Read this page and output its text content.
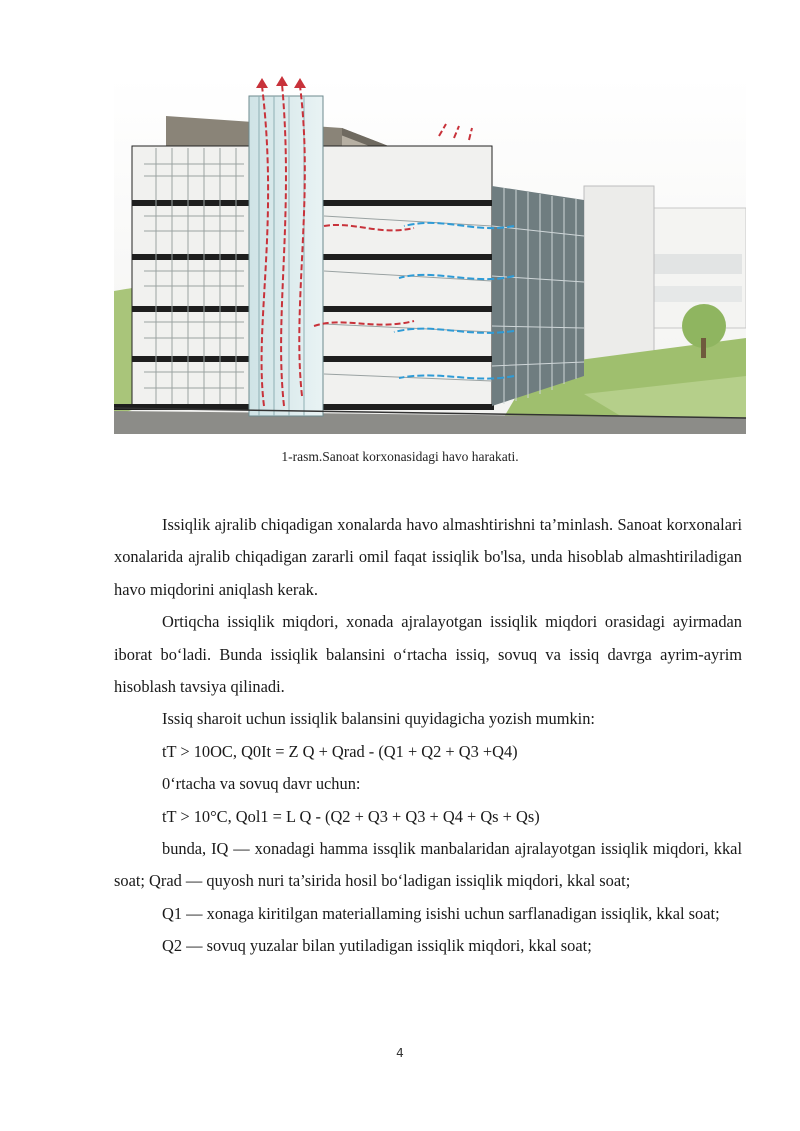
1-rasm.Sanoat korxonasidagi havo harakati.

Issiqlik ajralib chiqadigan xonalarda havo almashtirishni ta’minlash. Sanoat korxonalari xonalarida ajralib chiqadigan zararli omil faqat issiqlik bo'lsa, unda hisoblab almashtiriladigan havo miqdorini aniqlash kerak.

Ortiqcha issiqlik miqdori, xonada ajralayotgan issiqlik miqdori orasidagi ayirmadan iborat bo‘ladi. Bunda issiqlik balansini o‘rtacha issiq, sovuq va issiq davrga ayrim-ayrim hisoblash tavsiya qilinadi.

Issiq sharoit uchun issiqlik balansini quyidagicha yozish mumkin:

tT > 10OC, Q0It = Z Q + Qrad - (Q1 + Q2 + Q3 +Q4)

0‘rtacha va sovuq davr uchun:

tT > 10°C, Qol1 = L Q - (Q2 + Q3 + Q3 + Q4 + Qs + Qs)

bunda, IQ — xonadagi hamma issqlik manbalaridan ajralayotgan issiqlik miqdori, kkal soat; Qrad — quyosh nuri ta’sirida hosil bo‘ladigan issiqlik miqdori, kkal soat;

Q1 — xonaga kiritilgan materiallaming isishi uchun sarflanadigan issiqlik, kkal soat;

Q2 — sovuq yuzalar bilan yutiladigan issiqlik miqdori, kkal soat;

4
